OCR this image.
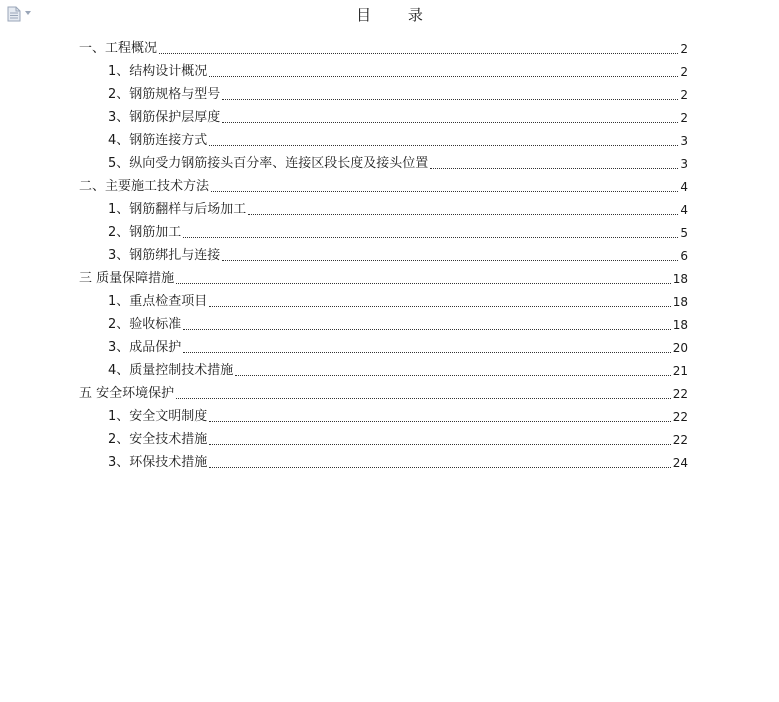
目 录
一、工程概况	2
1、结构设计概况	2
2、钢筋规格与型号	2
3、钢筋保护层厚度	2
4、钢筋连接方式	3
5、纵向受力钢筋接头百分率、连接区段长度及接头位置	3
二、主要施工技术方法	4
1、钢筋翻样与后场加工	4
2、钢筋加工	5
3、钢筋绑扎与连接	6
三 质量保障措施	18
1、重点检查项目	18
2、验收标准	18
3、成品保护	20
4、质量控制技术措施	21
五 安全环境保护	22
1、安全文明制度	22
2、安全技术措施	22
3、环保技术措施	24
